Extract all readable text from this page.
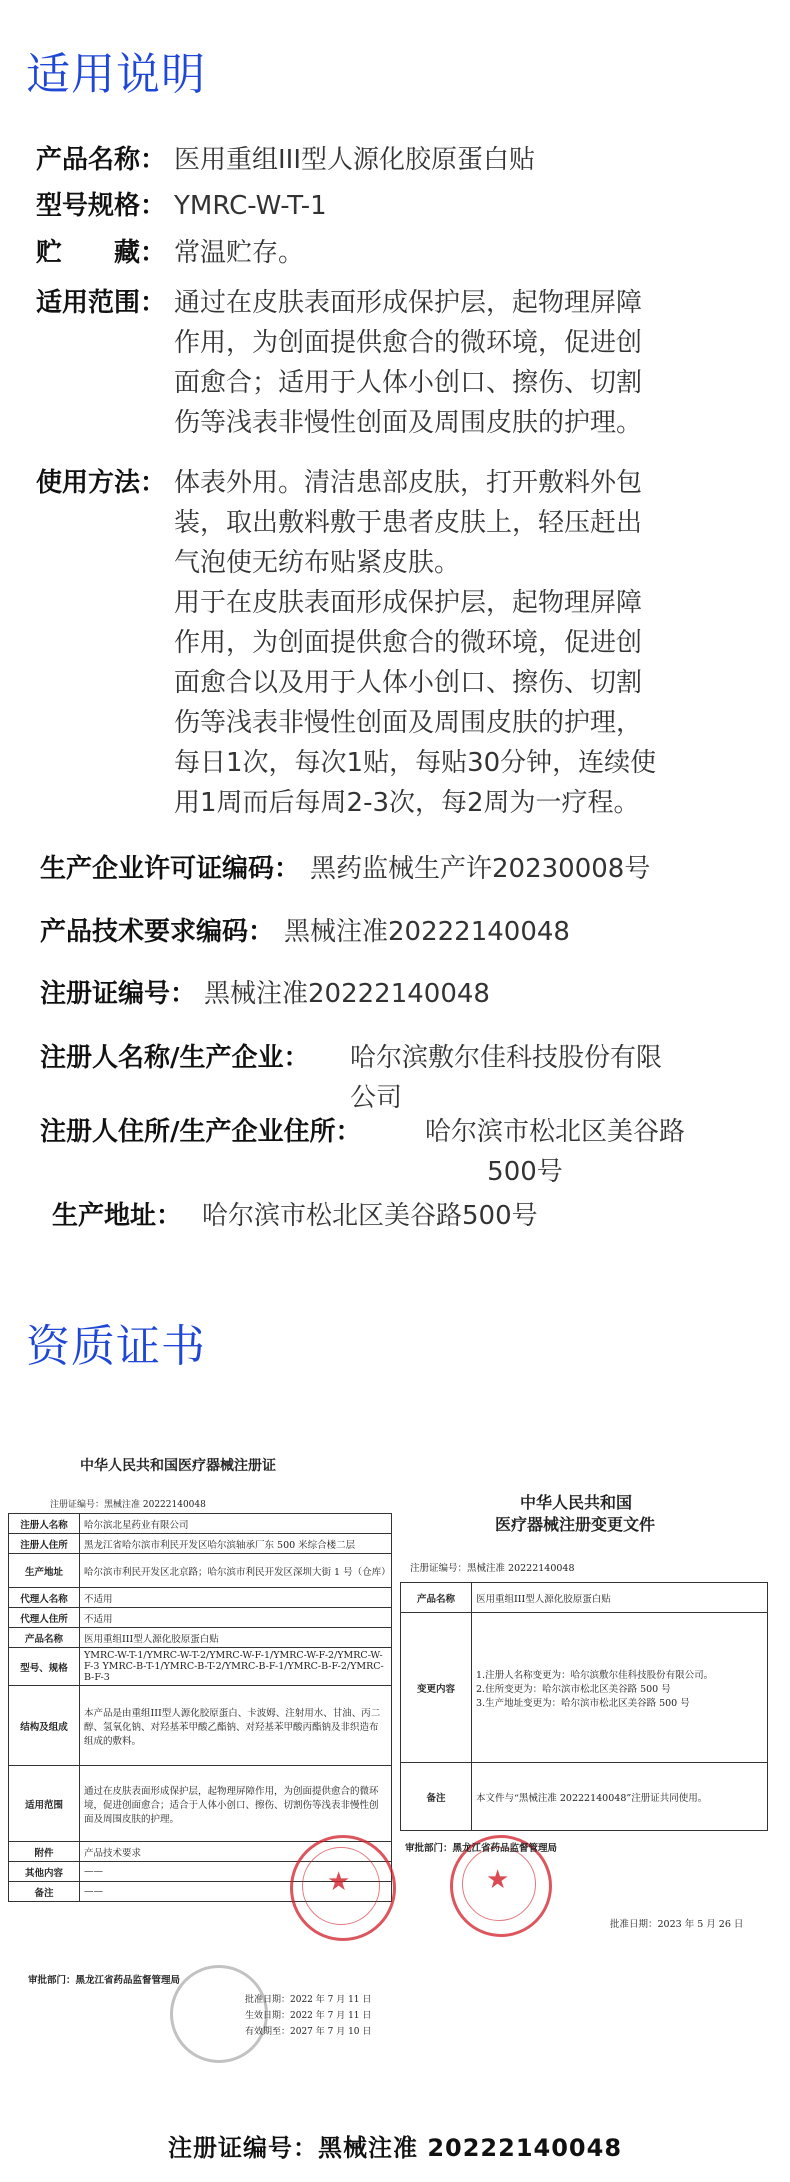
适用说明
产品名称： 医用重组III型人源化胶原蛋白贴
型号规格： YMRC-W-T-1
贮　　藏： 常温贮存。
适用范围： 通过在皮肤表面形成保护层，起物理屏障
作用，为创面提供愈合的微环境，促进创
面愈合；适用于人体小创口、擦伤、切割
伤等浅表非慢性创面及周围皮肤的护理。
使用方法： 体表外用。清洁患部皮肤，打开敷料外包
装，取出敷料敷于患者皮肤上，轻压赶出
气泡使无纺布贴紧皮肤。
用于在皮肤表面形成保护层，起物理屏障
作用，为创面提供愈合的微环境，促进创
面愈合以及用于人体小创口、擦伤、切割
伤等浅表非慢性创面及周围皮肤的护理，
每日1次，每次1贴，每贴30分钟，连续使
用1周而后每周2-3次，每2周为一疗程。
生产企业许可证编码： 黑药监械生产许20230008号
产品技术要求编码： 黑械注准20222140048
注册证编号： 黑械注准20222140048
注册人名称/生产企业： 哈尔滨敷尔佳科技股份有限
公司
注册人住所/生产企业住所： 哈尔滨市松北区美谷路
500号
生产地址： 哈尔滨市松北区美谷路500号
资质证书
中华人民共和国医疗器械注册证
注册证编号：黑械注准 20222140048
注册人名称	哈尔滨北星药业有限公司
注册人住所	黑龙江省哈尔滨市利民开发区哈尔滨轴承厂东 500 米综合楼二层
生产地址	哈尔滨市利民开发区北京路；哈尔滨市利民开发区深圳大街 1 号（仓库）
代理人名称	不适用
代理人住所	不适用
产品名称	医用重组III型人源化胶原蛋白贴
型号、规格	YMRC-W-T-1/YMRC-W-T-2/YMRC-W-F-1/YMRC-W-F-2/YMRC-W-F-3 YMRC-B-T-1/YMRC-B-T-2/YMRC-B-F-1/YMRC-B-F-2/YMRC-B-F-3
结构及组成	本产品是由重组III型人源化胶原蛋白、卡波姆、注射用水、甘油、丙二醇、氢氧化钠、对羟基苯甲酸乙酯钠、对羟基苯甲酸丙酯钠及非织造布组成的敷料。
适用范围	通过在皮肤表面形成保护层，起物理屏障作用，为创面提供愈合的微环境，促进创面愈合；适合于人体小创口、擦伤、切割伤等浅表非慢性创面及周围皮肤的护理。
附件	产品技术要求
其他内容	——
备注	——	★
审批部门：黑龙江省药品监督管理局
批准日期：2022 年 7 月 11 日
生效日期：2022 年 7 月 11 日
有效期至：2027 年 7 月 10 日
中华人民共和国
医疗器械注册变更文件
注册证编号：黑械注准 20222140048
产品名称	医用重组III型人源化胶原蛋白贴
变更内容	1.注册人名称变更为：哈尔滨敷尔佳科技股份有限公司。
2.住所变更为：哈尔滨市松北区美谷路 500 号
3.生产地址变更为：哈尔滨市松北区美谷路 500 号
备注	本文件与“黑械注准 20222140048”注册证共同使用。
★
审批部门：黑龙江省药品监督管理局
批准日期：2023 年 5 月 26 日
注册证编号：黑械注准 20222140048
